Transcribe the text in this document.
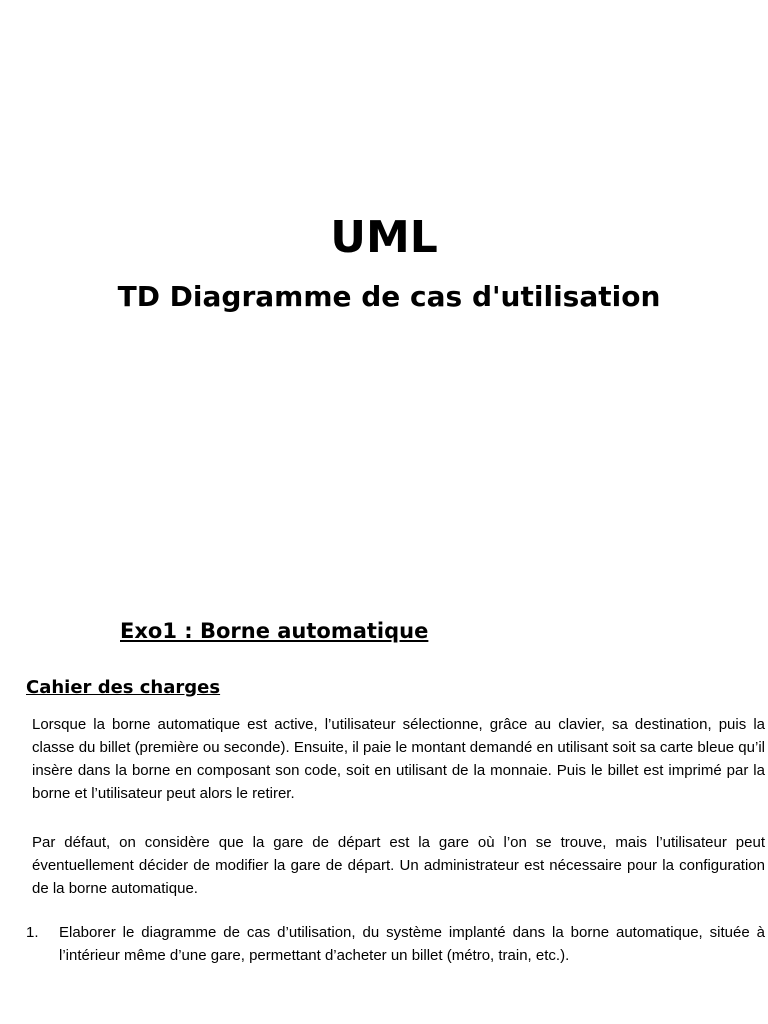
UML
TD Diagramme de cas d'utilisation
Exo1 : Borne automatique
Cahier des charges

Lorsque la borne automatique est active, l’utilisateur sélectionne, grâce au clavier, sa destination, puis la classe du billet (première ou seconde). Ensuite, il paie le montant demandé en utilisant soit sa carte bleue qu’il insère dans la borne en composant son code, soit en utilisant de la monnaie. Puis le billet est imprimé par la borne et l’utilisateur peut alors le retirer.

Par défaut, on considère que la gare de départ est la gare où l’on se trouve, mais l’utilisateur peut éventuellement décider de modifier la gare de départ. Un administrateur est nécessaire pour la configuration de la borne automatique.

1.	Elaborer le diagramme de cas d’utilisation, du système implanté dans la borne automatique, située à l’intérieur même d’une gare, permettant d’acheter un billet (métro, train, etc.).
